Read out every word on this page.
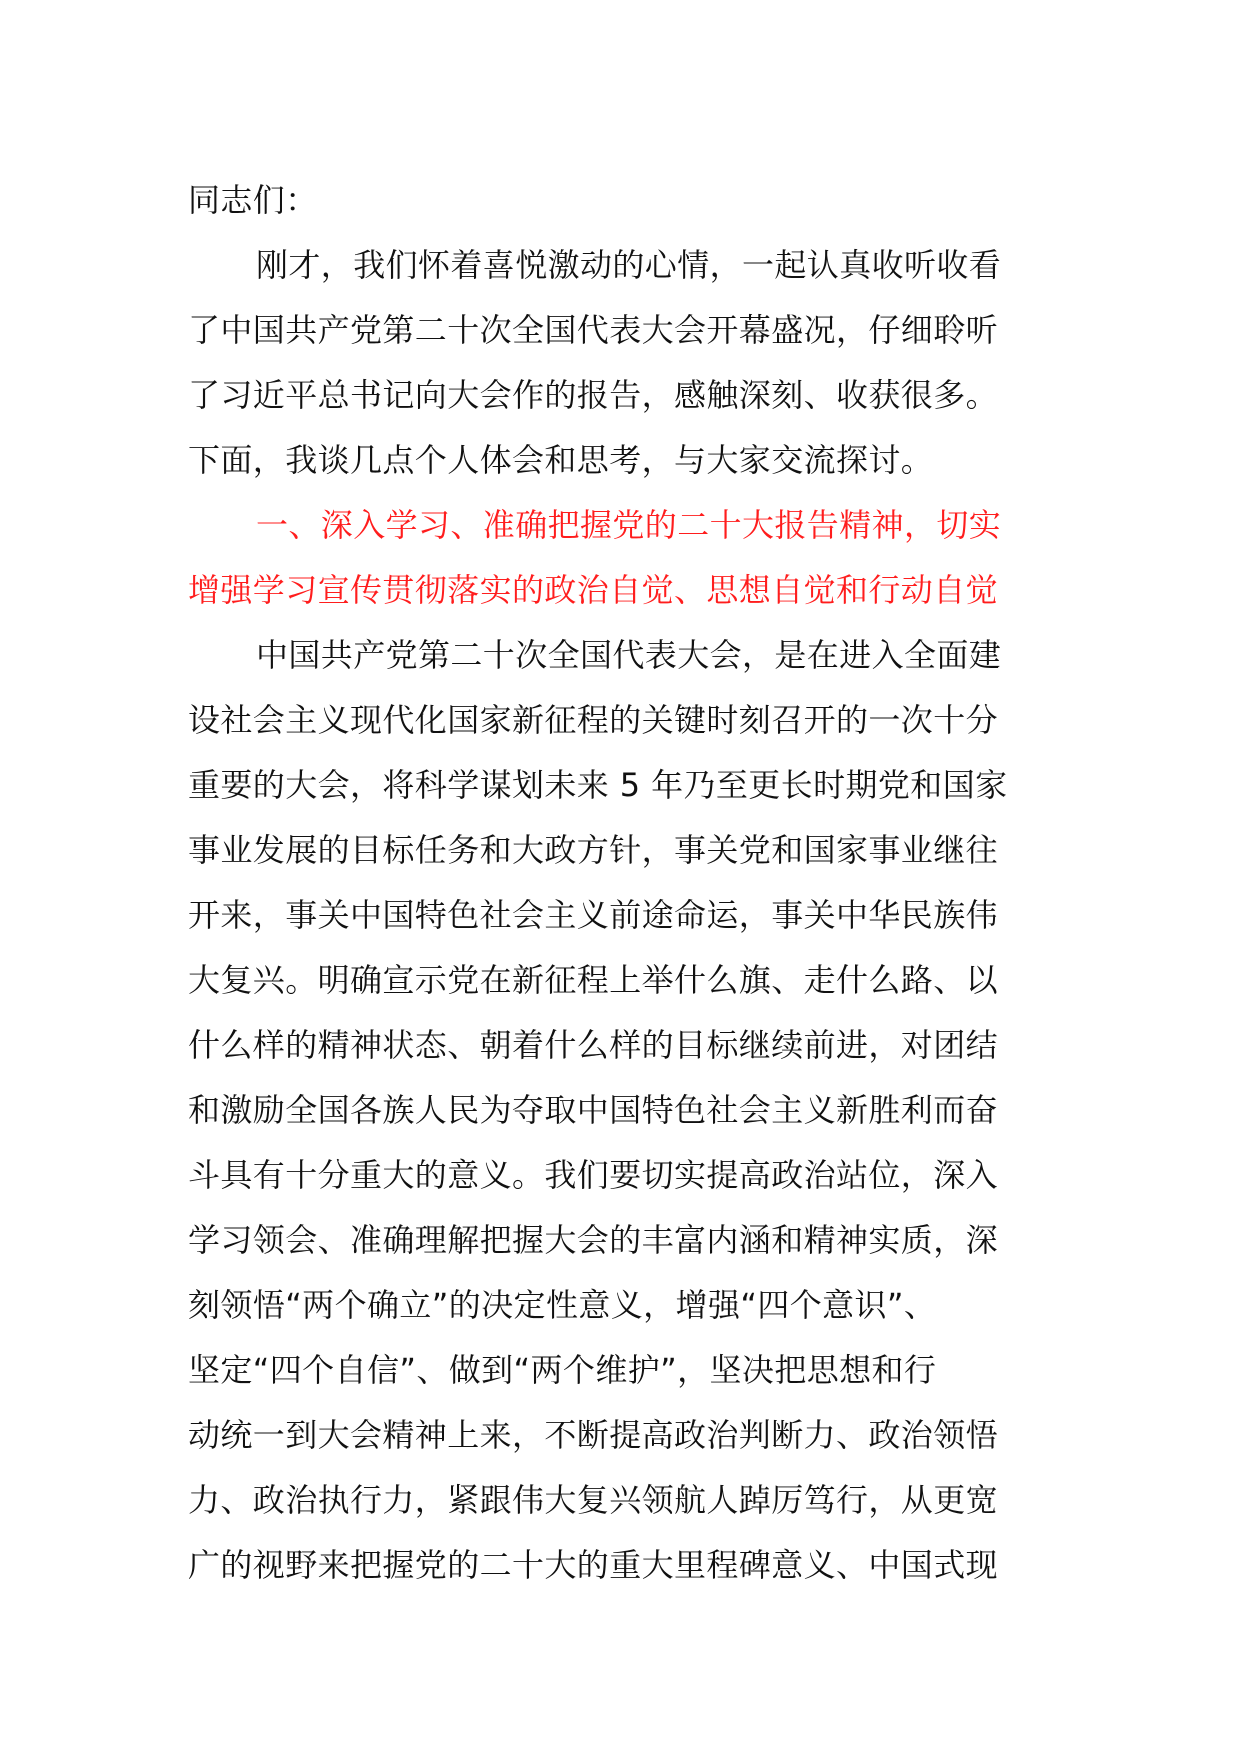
同志们：
刚才，我们怀着喜悦激动的心情，一起认真收听收看
了中国共产党第二十次全国代表大会开幕盛况，仔细聆听
了习近平总书记向大会作的报告，感触深刻、收获很多。
下面，我谈几点个人体会和思考，与大家交流探讨。
一、深入学习、准确把握党的二十大报告精神，切实
增强学习宣传贯彻落实的政治自觉、思想自觉和行动自觉
中国共产党第二十次全国代表大会，是在进入全面建
设社会主义现代化国家新征程的关键时刻召开的一次十分
重要的大会，将科学谋划未来 5 年乃至更长时期党和国家
事业发展的目标任务和大政方针，事关党和国家事业继往
开来，事关中国特色社会主义前途命运，事关中华民族伟
大复兴。明确宣示党在新征程上举什么旗、走什么路、以
什么样的精神状态、朝着什么样的目标继续前进，对团结
和激励全国各族人民为夺取中国特色社会主义新胜利而奋
斗具有十分重大的意义。我们要切实提高政治站位，深入
学习领会、准确理解把握大会的丰富内涵和精神实质，深
刻领悟“两个确立”的决定性意义，增强“四个意识”、
坚定“四个自信”、做到“两个维护”，坚决把思想和行
动统一到大会精神上来，不断提高政治判断力、政治领悟
力、政治执行力，紧跟伟大复兴领航人踔厉笃行，从更宽
广的视野来把握党的二十大的重大里程碑意义、中国式现
